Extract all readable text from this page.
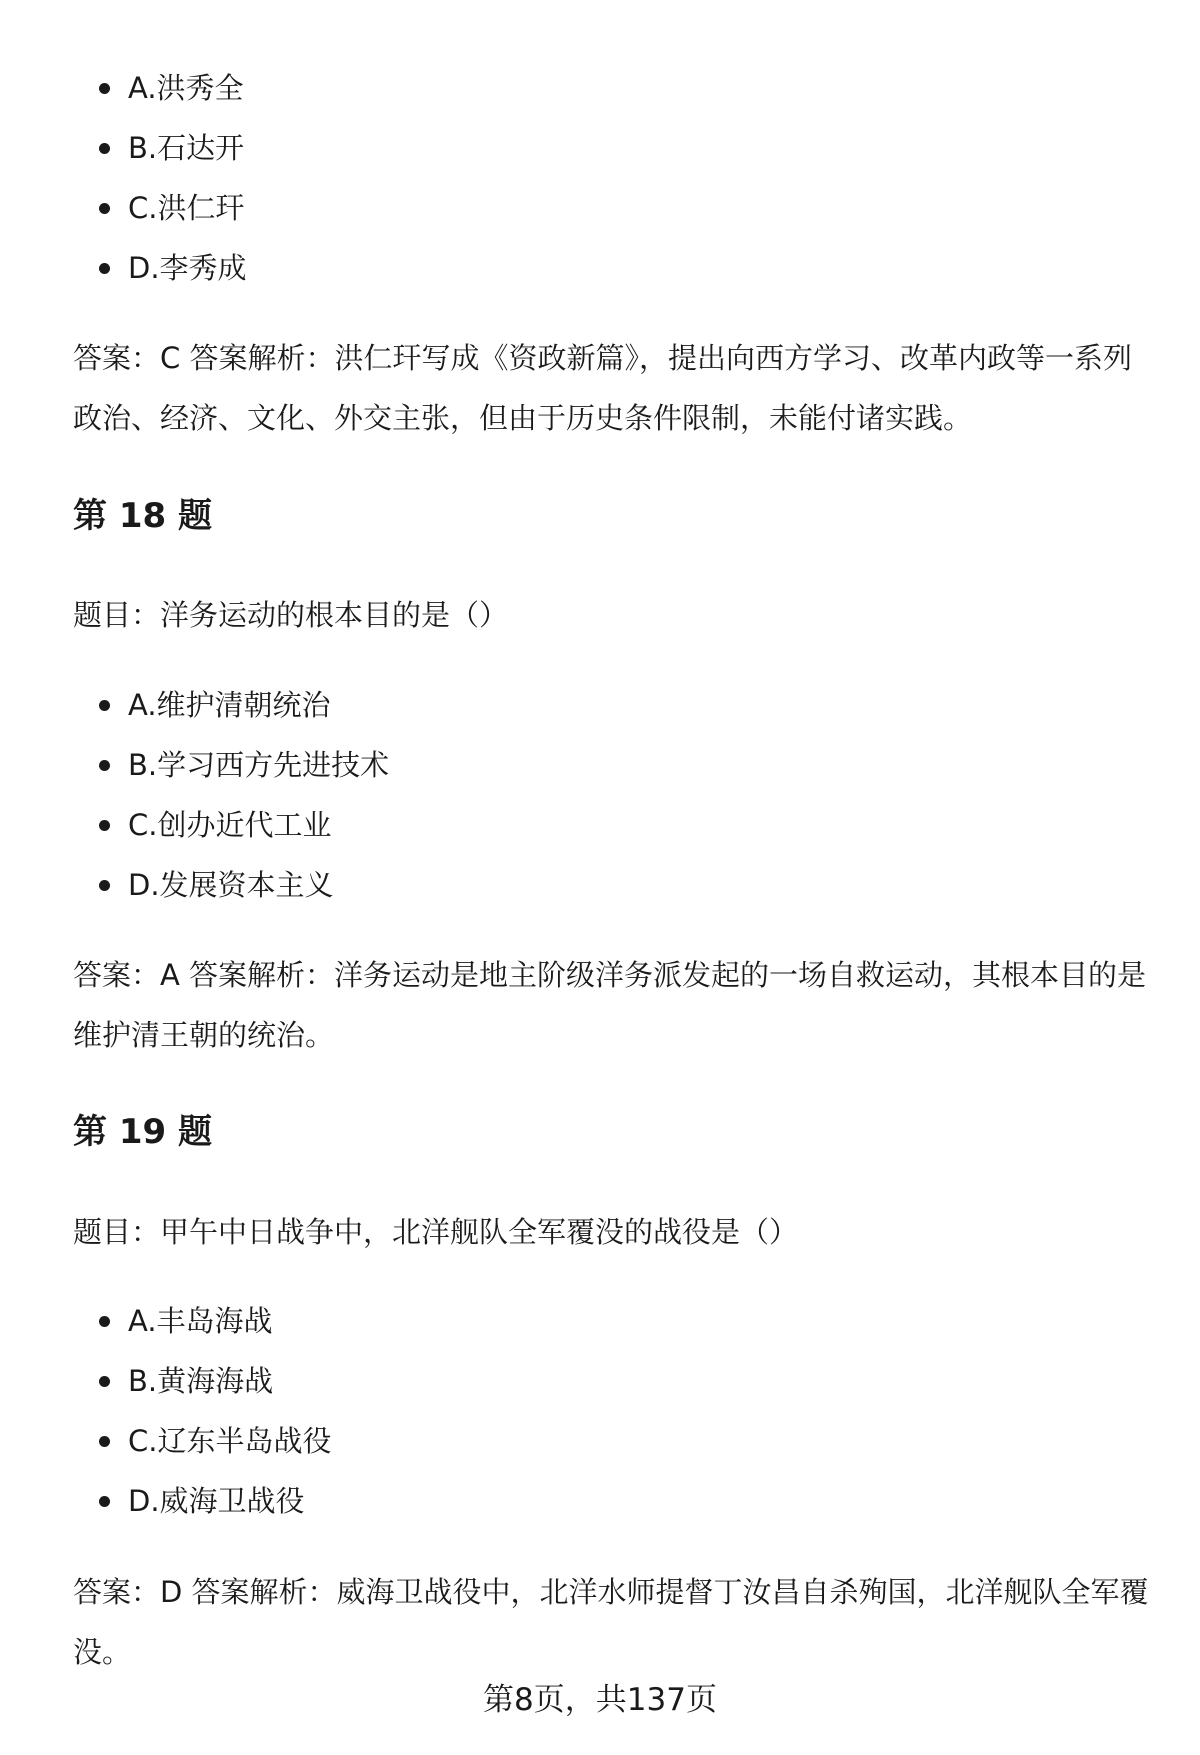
A.洪秀全
B.石达开
C.洪仁玕
D.李秀成

答案：C 答案解析：洪仁玕写成《资政新篇》，提出向西方学习、改革内政等一系列政治、经济、文化、外交主张，但由于历史条件限制，未能付诸实践。

第 18 题

题目：洋务运动的根本目的是（）

A.维护清朝统治
B.学习西方先进技术
C.创办近代工业
D.发展资本主义

答案：A 答案解析：洋务运动是地主阶级洋务派发起的一场自救运动，其根本目的是维护清王朝的统治。

第 19 题

题目：甲午中日战争中，北洋舰队全军覆没的战役是（）

A.丰岛海战
B.黄海海战
C.辽东半岛战役
D.威海卫战役

答案：D 答案解析：威海卫战役中，北洋水师提督丁汝昌自杀殉国，北洋舰队全军覆没。

第8页，共137页
